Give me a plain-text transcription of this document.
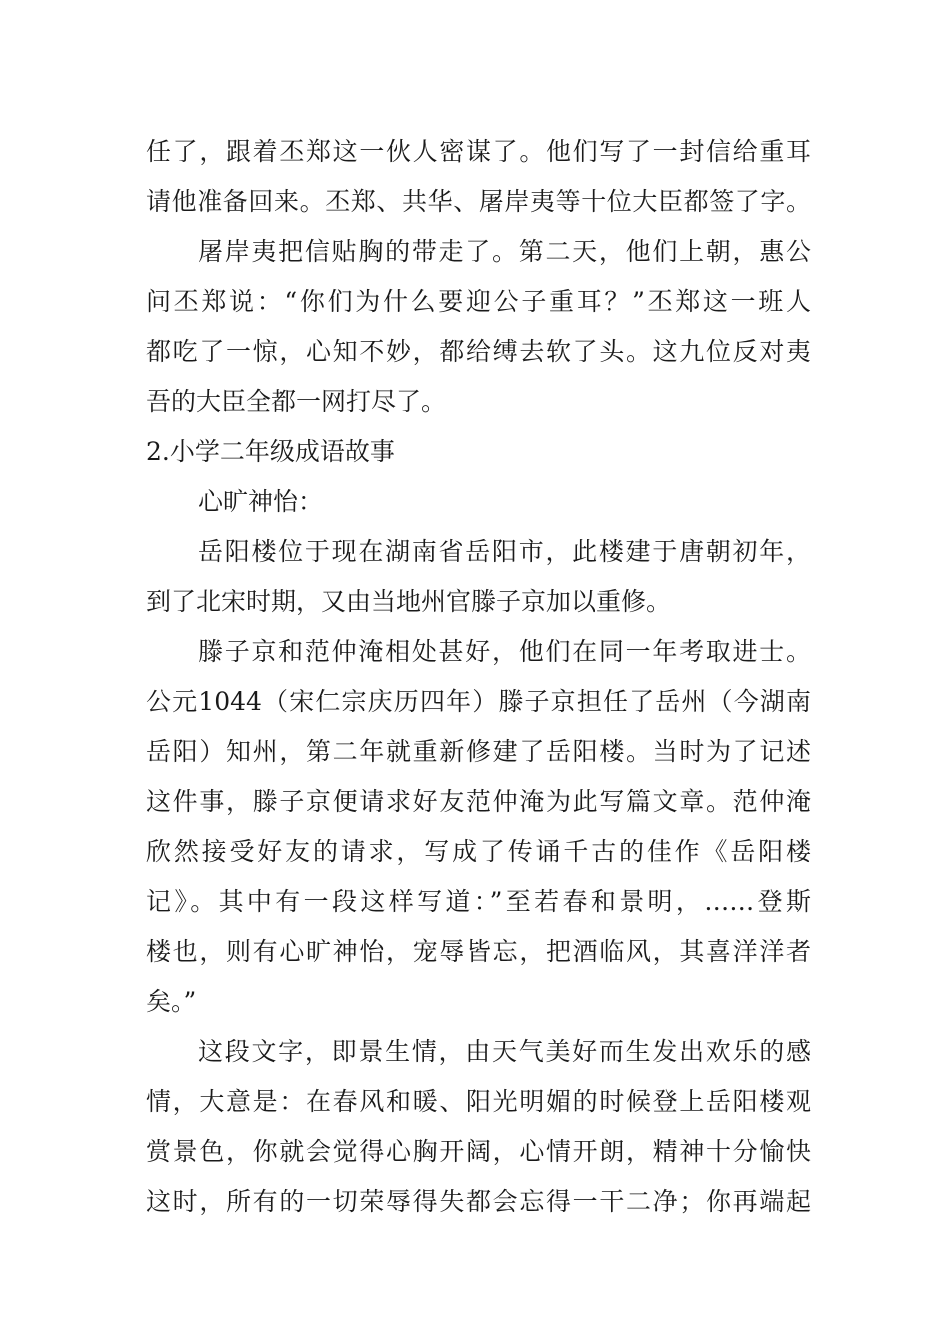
任了，跟着丕郑这一伙人密谋了。他们写了一封信给重耳
请他准备回来。丕郑、共华、屠岸夷等十位大臣都签了字。
屠岸夷把信贴胸的带走了。第二天，他们上朝，惠公
问丕郑说：“你们为什么要迎公子重耳？”丕郑这一班人
都吃了一惊，心知不妙，都给缚去软了头。这九位反对夷
吾的大臣全都一网打尽了。
2.小学二年级成语故事
心旷神怡：
岳阳楼位于现在湖南省岳阳市，此楼建于唐朝初年，
到了北宋时期，又由当地州官滕子京加以重修。
滕子京和范仲淹相处甚好，他们在同一年考取进士。
公元1044（宋仁宗庆历四年）滕子京担任了岳州（今湖南
岳阳）知州，第二年就重新修建了岳阳楼。当时为了记述
这件事，滕子京便请求好友范仲淹为此写篇文章。范仲淹
欣然接受好友的请求，写成了传诵千古的佳作《岳阳楼
记》。其中有一段这样写道：”至若春和景明，……登斯
楼也，则有心旷神怡，宠辱皆忘，把酒临风，其喜洋洋者
矣。”
这段文字，即景生情，由天气美好而生发出欢乐的感
情，大意是：在春风和暖、阳光明媚的时候登上岳阳楼观
赏景色，你就会觉得心胸开阔，心情开朗，精神十分愉快
这时，所有的一切荣辱得失都会忘得一干二净；你再端起
